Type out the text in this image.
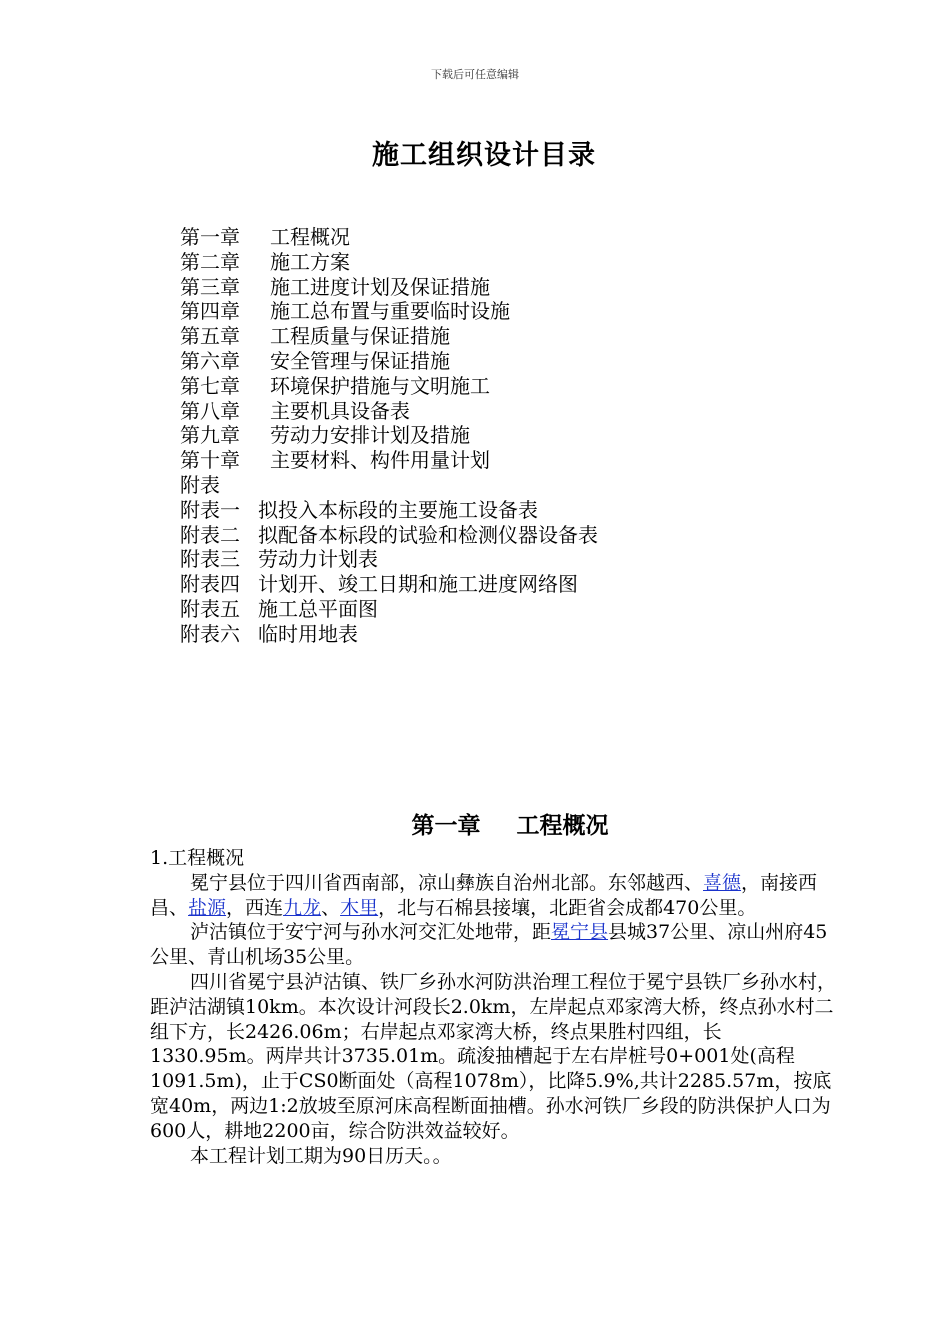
下载后可任意编辑
施工组织设计目录
第一章	工程概况
第二章	施工方案
第三章	施工进度计划及保证措施
第四章	施工总布置与重要临时设施
第五章	工程质量与保证措施
第六章	安全管理与保证措施
第七章	环境保护措施与文明施工
第八章	主要机具设备表
第九章	劳动力安排计划及措施
第十章	主要材料、构件用量计划
附表
附表一 拟投入本标段的主要施工设备表
附表二 拟配备本标段的试验和检测仪器设备表
附表三 劳动力计划表
附表四 计划开、竣工日期和施工进度网络图
附表五 施工总平面图
附表六 临时用地表
第一章 工程概况

1.工程概况

冕宁县位于四川省西南部，凉山彝族自治州北部。东邻越西、喜德，南接西昌、盐源，西连九龙、木里，北与石棉县接壤，北距省会成都470公里。

泸沽镇位于安宁河与孙水河交汇处地带，距冕宁县县城37公里、凉山州府45公里、青山机场35公里。

四川省冕宁县泸沽镇、铁厂乡孙水河防洪治理工程位于冕宁县铁厂乡孙水村，距泸沽湖镇10km。本次设计河段长2.0km，左岸起点邓家湾大桥，终点孙水村二组下方，长2426.06m；右岸起点邓家湾大桥，终点果胜村四组，长 1330.95m。两岸共计3735.01m。疏浚抽槽起于左右岸桩号0+001处(高程1091.5m)，止于CS0断面处（高程1078m），比降5.9%,共计2285.57m，按底宽40m，两边1:2放坡至原河床高程断面抽槽。孙水河铁厂乡段的防洪保护人口为600人，耕地2200亩，综合防洪效益较好。

本工程计划工期为90日历天。。
